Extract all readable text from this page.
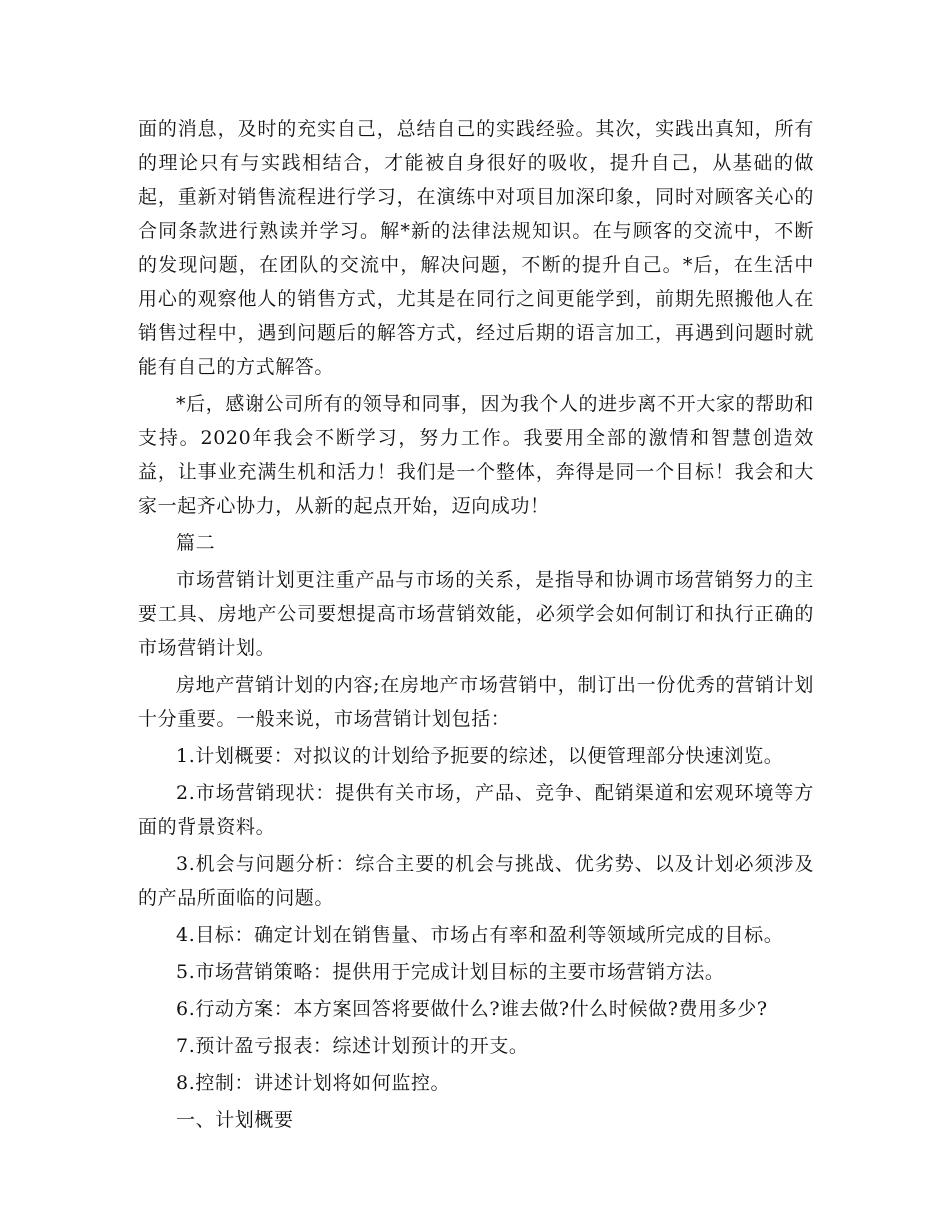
面的消息，及时的充实自己，总结自己的实践经验。其次，实践出真知，所有的理论只有与实践相结合，才能被自身很好的吸收，提升自己，从基础的做起，重新对销售流程进行学习，在演练中对项目加深印象，同时对顾客关心的合同条款进行熟读并学习。解*新的法律法规知识。在与顾客的交流中，不断的发现问题，在团队的交流中，解决问题，不断的提升自己。*后，在生活中用心的观察他人的销售方式，尤其是在同行之间更能学到，前期先照搬他人在销售过程中，遇到问题后的解答方式，经过后期的语言加工，再遇到问题时就能有自己的方式解答。

*后，感谢公司所有的领导和同事，因为我个人的进步离不开大家的帮助和支持。2020年我会不断学习，努力工作。我要用全部的激情和智慧创造效益，让事业充满生机和活力！我们是一个整体，奔得是同一个目标！我会和大家一起齐心协力，从新的起点开始，迈向成功！

篇二

市场营销计划更注重产品与市场的关系，是指导和协调市场营销努力的主要工具、房地产公司要想提高市场营销效能，必须学会如何制订和执行正确的市场营销计划。

房地产营销计划的内容;在房地产市场营销中，制订出一份优秀的营销计划十分重要。一般来说，市场营销计划包括：

1.计划概要：对拟议的计划给予扼要的综述，以便管理部分快速浏览。

2.市场营销现状：提供有关市场，产品、竞争、配销渠道和宏观环境等方面的背景资料。

3.机会与问题分析：综合主要的机会与挑战、优劣势、以及计划必须涉及的产品所面临的问题。

4.目标：确定计划在销售量、市场占有率和盈利等领域所完成的目标。

5.市场营销策略：提供用于完成计划目标的主要市场营销方法。

6.行动方案：本方案回答将要做什么?谁去做?什么时候做?费用多少?

7.预计盈亏报表：综述计划预计的开支。

8.控制：讲述计划将如何监控。

一、计划概要
